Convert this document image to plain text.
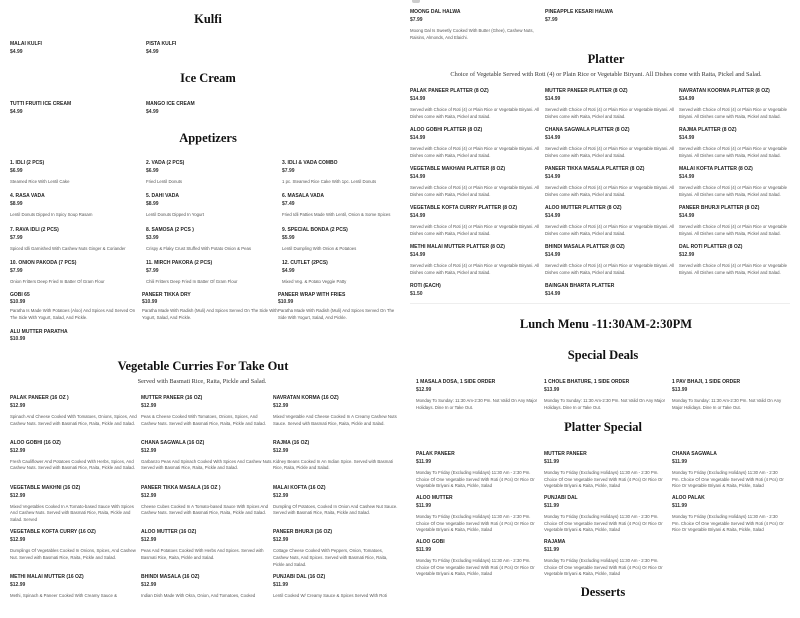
Kulfi
MALAI KULFI
$4.99
PISTA KULFI
$4.99
Ice Cream
TUTTI FRUITI ICE CREAM
$4.99
MANGO ICE CREAM
$4.99
Appetizers
1. IDLI (2 PCS)
$6.99
Steamed Rice With Lentil Cake
2. VADA (2 PCS)
$6.99
Fried Lentil Donuts
3. IDLI & VADA COMBO
$7.99
1 pc. Steamed Rice Cake With 1pc. Lentil Donuts
4. RASA VADA
$8.99
Lentil Donuts Dipped In Spicy Soup Rasam
5. DAHI VADA
$8.99
Lentil Donuts Dipped In Yogurt
6. MASALA VADA
$7.49
Fried Idli Patties Made With Lentil, Onion & Some Spices
7. RAVA IDLI (2 PCS)
$7.99
Spiced Idli Garnished With Cashew Nuts Ginger & Coriander
8. SAMOSA (2 PCS )
$3.99
Crispy & Flaky Crust Stuffed With Potato Onion & Peas
9. SPECIAL BONDA (2 PCS)
$5.99
Lentil Dumpling With Onion & Potatoes
10. ONION PAKODA (7 PCS)
$7.99
Onion Fritters Deep Fried In Batter Of Gram Flour
11. MIRCH PAKORA (2 PCS)
$7.99
Chili Fritters Deep Fried In Batter Of Gram Flour
12. CUTLET (2PCS)
$4.99
Mixed Veg. & Potato Veggie Patty
GOBI 65
$10.99
Paratha Is Made With Potatoes (Aloo) And Spices And Served On The Side With Yogurt, Salad, And Pickle.
PANEER TIKKA DRY
$10.99
Paratha Made With Radish (Muli) And Spices Served On The Side With Yogurt, Salad, And Pickle.
PANEER WRAP WITH FRIES
$10.99
Paratha Made With Radish (Muli) And Spices Served On The Side With Yogurt, Salad, And Pickle.
ALU MUTTER PARATHA
$10.99
Vegetable Curries For Take Out
Served with Basmati Rice, Raita, Pickle and Salad.
PALAK PANEER (16 OZ )
$12.99
Spinach And Cheese Cooked With Tomatoes, Onions, Spices, And Cashew Nuts. Served with Basmati Rice, Raita, Pickle and Salad.
MUTTER PANEER (16 OZ)
$12.99
Peas & Cheese Cooked With Tomatoes, Onions, Spices, And Cashew Nuts. Served with Basmati Rice, Raita, Pickle and Salad.
NAVRATAN KORMA (16 OZ)
$12.99
Mixed Vegetable And Cheese Cooked In A Creamy Cashew Nuts Sauce. Served with Basmati Rice, Raita, Pickle and Salad.
ALOO GOBHI (16 OZ)
$12.99
Fresh Cauliflower And Potatoes Cooked With Herbs, Spices, And Cashew Nuts. Served with Basmati Rice, Raita, Pickle and Salad.
CHANA SAGWALA (16 OZ)
$12.99
Garbanzo Peas And Spinach Cooked With Spices And Cashew Nuts. Served with Basmati Rice, Raita, Pickle and Salad.
RAJMA (16 OZ)
$12.99
Kidney Beans Cooked In An Indian Spice. Served with Basmati Rice, Raita, Pickle and Salad.
VEGETABLE MAKHNI (16 OZ)
$12.99
Mixed Vegetables Cooked In A Tomato-based Sauce With Spices And Cashew Nuts. Served with Basmati Rice, Raita, Pickle and Salad. Served
PANEER TIKKA MASALA (16 OZ )
$12.99
Cheese Cubes Cooked In A Tomato-based Sauce With Spices And Cashew Nuts. Served with Basmati Rice, Raita, Pickle and Salad.
MALAI KOFTA (16 OZ)
$12.99
Dumpling Of Potatoes, Cooked In Onion And Cashew Nut Sauce. Served with Basmati Rice, Raita, Pickle and Salad.
VEGETABLE KOFTA CURRY (16 OZ)
$12.99
Dumplings Of Vegetables Cooked In Onions, Spices, And Cashew Nut. Served with Basmati Rice, Raita, Pickle and Salad.
ALOO MUTTER (16 OZ)
$12.99
Peas And Potatoes Cooked With Herbs And Spices. Served with Basmati Rice, Raita, Pickle and Salad.
PANEER BHURJI (16 OZ)
$12.99
Cottage Cheese Cooked With Peppers, Onion, Tomatoes, Cashew Nuts, And Spices. Served with Basmati Rice, Raita, Pickle and Salad.
METHI MALAI MUTTER (16 OZ)
$12.99
Methi, Spinach & Paneer Cooked With Creamy Sauce &
BHINDI MASALA (16 OZ)
$12.99
Indian Dish Made With Okra, Onion, And Tomatoes, Cooked
PUNJABI DAL (16 OZ)
$11.99
Lentil Cooked W/ Creamy Sauce & Spices Served With Roti
MOONG DAL HALWA
$7.99
Moong Dal Is Sweetly Cooked With Butter (Ghee), Cashew Nuts, Raisins, Almonds, And Elaichi.
PINEAPPLE KESARI HALWA
$7.99
Platter
Choice of Vegetable Served with Roti (4) or Plain Rice or Vegetable Biryani. All Dishes come with Raita, Pickel and Salad.
PALAK PANEER PLATTER (8 OZ)
$14.99
Served with Choice of Roti (4) or Plain Rice or Vegetable Biryani. All Dishes come with Raita, Pickel and Salad.
MUTTER PANEER PLATTER (8 OZ)
$14.99
Served with Choice of Roti (4) or Plain Rice or Vegetable Biryani. All Dishes come with Raita, Pickel and Salad.
NAVRATAN KOORMA PLATTER (8 OZ)
$14.99
Served with Choice of Roti (4) or Plain Rice or Vegetable Biryani. All Dishes come with Raita, Pickel and Salad.
ALOO GOBHI PLATTER (8 OZ)
$14.99
Served with Choice of Roti (4) or Plain Rice or Vegetable Biryani. All Dishes come with Raita, Pickel and Salad.
CHANA SAGWALA PLATTER (8 OZ)
$14.99
Served with Choice of Roti (4) or Plain Rice or Vegetable Biryani. All Dishes come with Raita, Pickel and Salad.
RAJMA PLATTER (8 OZ)
$14.99
Served with Choice of Roti (4) or Plain Rice or Vegetable Biryani. All Dishes come with Raita, Pickel and Salad.
VEGETABLE MAKHANI PLATTER (8 OZ)
$14.99
Served with Choice of Roti (4) or Plain Rice or Vegetable Biryani. All Dishes come with Raita, Pickel and Salad.
PANEER TIKKA MASALA PLATTER (8 OZ)
$14.99
Served with Choice of Roti (4) or Plain Rice or Vegetable Biryani. All Dishes come with Raita, Pickel and Salad.
MALAI KOFTA PLATTER (8 OZ)
$14.99
Served with Choice of Roti (4) or Plain Rice or Vegetable Biryani. All Dishes come with Raita, Pickel and Salad.
VEGETABLE KOFTA CURRY PLATTER (8 OZ)
$14.99
Served with Choice of Roti (4) or Plain Rice or Vegetable Biryani. All Dishes come with Raita, Pickel and Salad.
ALOO MUTTER PLATTER (8 OZ)
$14.99
Served with Choice of Roti (4) or Plain Rice or Vegetable Biryani. All Dishes come with Raita, Pickel and Salad.
PANEER BHURJI PLATTER (8 OZ)
$14.99
Served with Choice of Roti (4) or Plain Rice or Vegetable Biryani. All Dishes come with Raita, Pickel and Salad.
METHI MALAI MUTTER PLATTER (8 OZ)
$14.99
Served with Choice of Roti (4) or Plain Rice or Vegetable Biryani. All Dishes come with Raita, Pickel and Salad.
BHINDI MASALA PLATTER (8 OZ)
$14.99
Served with Choice of Roti (4) or Plain Rice or Vegetable Biryani. All Dishes come with Raita, Pickel and Salad.
DAL ROTI PLATTER (8 OZ)
$12.99
Served with Choice of Roti (4) or Plain Rice or Vegetable Biryani. All Dishes come with Raita, Pickel and Salad.
ROTI (EACH)
$1.50
BAINGAN BHARTA PLATTER
$14.99
Lunch Menu -11:30AM-2:30PM
Special Deals
1 MASALA DOSA, 1 SIDE ORDER
$12.99
Monday To Sunday: 11:30 Am-2:30 Pm. Not Valid On Any Major Holidays. Dine In or Take Out.
1 CHOLE BHATURE, 1 SIDE ORDER
$13.99
Monday To Sunday: 11:30 Am-2:30 Pm. Not Valid On Any Major Holidays. Dine In or Take Out.
1 PAV BHAJI, 1 SIDE ORDER
$13.99
Monday To Sunday: 11:30 Am-2:30 Pm. Not Valid On Any Major Holidays. Dine In or Take Out.
Platter Special
PALAK PANEER
$11.99
Monday To Friday (Excluding Holidays) 11:30 Am - 2:30 Pm. Choice Of One Vegetable Served With Roti (4 Pcs) Or Rice Or Vegetable Briyani & Raita, Pickle, Salad
MUTTER PANEER
$11.99
Monday To Friday (Excluding Holidays) 11:30 Am - 2:30 Pm. Choice Of One Vegetable Served With Roti (4 Pcs) Or Rice Or Vegetable Briyani & Raita, Pickle, Salad
CHANA SAGWALA
$11.99
Monday To Friday (Excluding Holidays) 11:30 Am - 2:30 Pm. Choice Of One Vegetable Served With Roti (4 Pcs) Or Rice Or Vegetable Briyani & Raita, Pickle, Salad
ALOO MUTTER
$11.99
Monday To Friday (Excluding Holidays) 11:30 Am - 2:30 Pm. Choice Of One Vegetable Served With Roti (4 Pcs) Or Rice Or Vegetable Briyani & Raita, Pickle, Salad
PUNJABI DAL
$11.99
Monday To Friday (Excluding Holidays) 11:30 Am - 2:30 Pm. Choice Of One Vegetable Served With Roti (4 Pcs) Or Rice Or Vegetable Briyani & Raita, Pickle, Salad
ALOO PALAK
$11.99
Monday To Friday (Excluding Holidays) 11:30 Am - 2:30 Pm. Choice Of One Vegetable Served With Roti (4 Pcs) Or Rice Or Vegetable Briyani & Raita, Pickle, Salad
ALOO GOBI
$11.99
Monday To Friday (Excluding Holidays) 11:30 Am - 2:30 Pm. Choice Of One Vegetable Served With Roti (4 Pcs) Or Rice Or Vegetable Briyani & Raita, Pickle, Salad
RAJAMA
$11.99
Monday To Friday (Excluding Holidays) 11:30 Am - 2:30 Pm. Choice Of One Vegetable Served With Roti (4 Pcs) Or Rice Or Vegetable Briyani & Raita, Pickle, Salad
Desserts
